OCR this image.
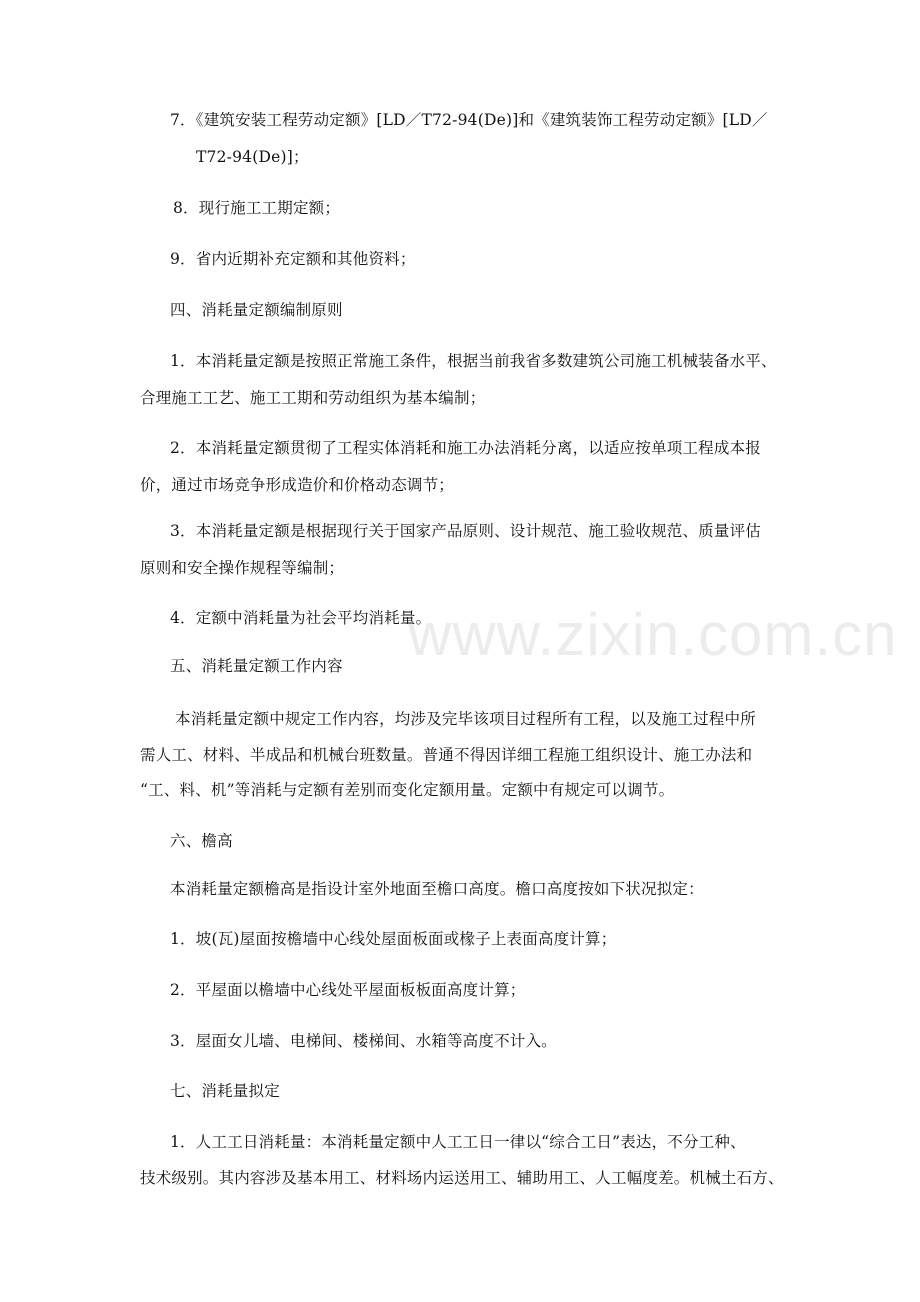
www.zixin.com.cn
7．《建筑安装工程劳动定额》[LD／T72-94(De)]和《建筑装饰工程劳动定额》[LD／
T72-94(De)]；
8．现行施工工期定额；
9．省内近期补充定额和其他资料；
四、消耗量定额编制原则
1．本消耗量定额是按照正常施工条件，根据当前我省多数建筑公司施工机械装备水平、
合理施工工艺、施工工期和劳动组织为基本编制；
2．本消耗量定额贯彻了工程实体消耗和施工办法消耗分离，以适应按单项工程成本报
价，通过市场竞争形成造价和价格动态调节；
3．本消耗量定额是根据现行关于国家产品原则、设计规范、施工验收规范、质量评估
原则和安全操作规程等编制；
4．定额中消耗量为社会平均消耗量。
五、消耗量定额工作内容
本消耗量定额中规定工作内容，均涉及完毕该项目过程所有工程，以及施工过程中所
需人工、材料、半成品和机械台班数量。普通不得因详细工程施工组织设计、施工办法和
“工、料、机”等消耗与定额有差别而变化定额用量。定额中有规定可以调节。
六、檐高
本消耗量定额檐高是指设计室外地面至檐口高度。檐口高度按如下状况拟定：
1．坡(瓦)屋面按檐墙中心线处屋面板面或椽子上表面高度计算；
2．平屋面以檐墙中心线处平屋面板板面高度计算；
3．屋面女儿墙、电梯间、楼梯间、水箱等高度不计入。
七、消耗量拟定
1．人工工日消耗量：本消耗量定额中人工工日一律以“综合工日”表达，不分工种、
技术级别。其内容涉及基本用工、材料场内运送用工、辅助用工、人工幅度差。机械土石方、
